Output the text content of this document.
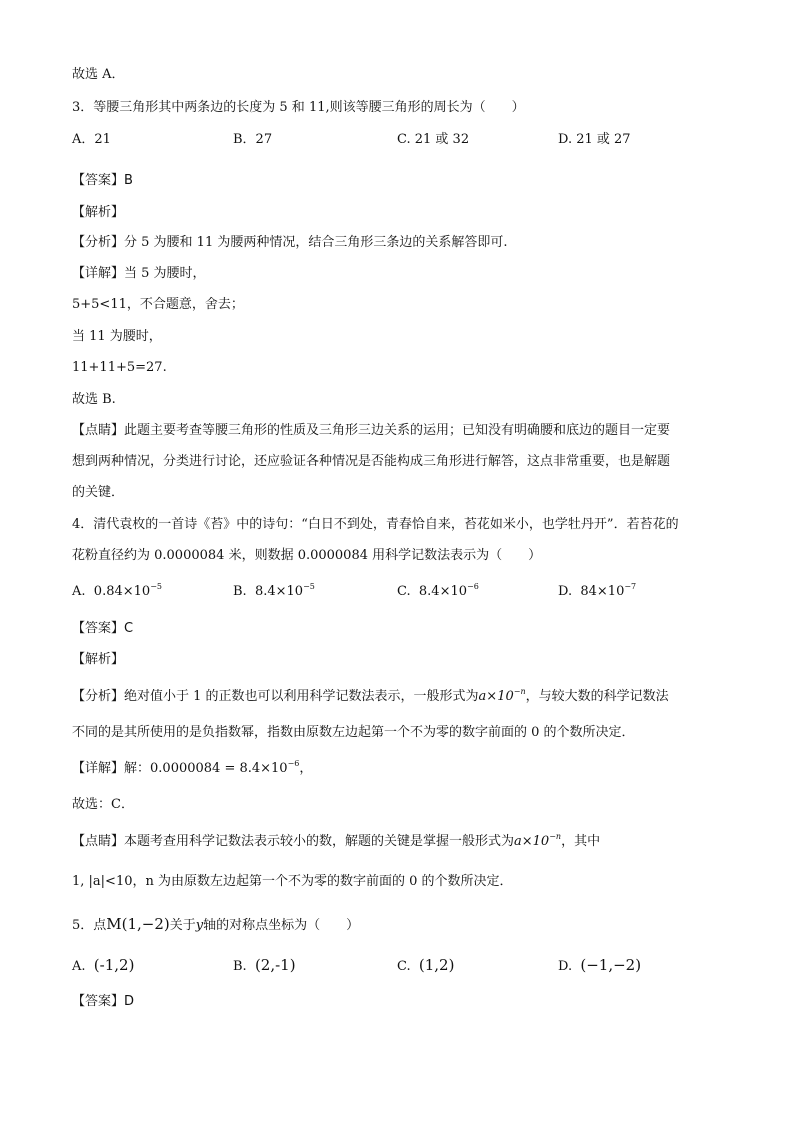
故选 A．
3．等腰三角形其中两条边的长度为 5 和 11,则该等腰三角形的周长为（　　）
A．21	B．27	C. 21 或 32	D. 21 或 27
【答案】B
【解析】
【分析】分 5 为腰和 11 为腰两种情况，结合三角形三条边的关系解答即可.
【详解】当 5 为腰时，
5+5<11，不合题意，舍去；
当 11 为腰时，
11+11+5=27.
故选 B.
【点睛】此题主要考查等腰三角形的性质及三角形三边关系的运用；已知没有明确腰和底边的题目一定要
想到两种情况，分类进行讨论，还应验证各种情况是否能构成三角形进行解答，这点非常重要，也是解题
的关键．
4．清代袁枚的一首诗《苔》中的诗句：“白日不到处，青春恰自来，苔花如米小，也学牡丹开”．若苔花的
花粉直径约为 0.0000084 米，则数据 0.0000084 用科学记数法表示为（　　）
A. $0.84\times 10^{-5}$	B. $8.4\times 10^{-5}$	C. $8.4\times 10^{-6}$	D. $84\times 10^{-7}$
【答案】C
【解析】
【分析】绝对值小于 1 的正数也可以利用科学记数法表示，一般形式为$a\times 10^{-n}$，与较大数的科学记数法
不同的是其所使用的是负指数幂，指数由原数左边起第一个不为零的数字前面的 0 的个数所决定．
【详解】解：$0.0000084 = 8.4\times 10^{-6}$，
故选：C．
【点睛】本题考查用科学记数法表示较小的数，解题的关键是掌握一般形式为$a\times 10^{-n}$，其中
1, |a|<10，n 为由原数左边起第一个不为零的数字前面的 0 的个数所决定．
5．点M(1,−2)关于y轴的对称点坐标为（　　）
A. (-1,2)	B. (2,-1)	C. (1,2)	D. (−1,−2)
【答案】D
